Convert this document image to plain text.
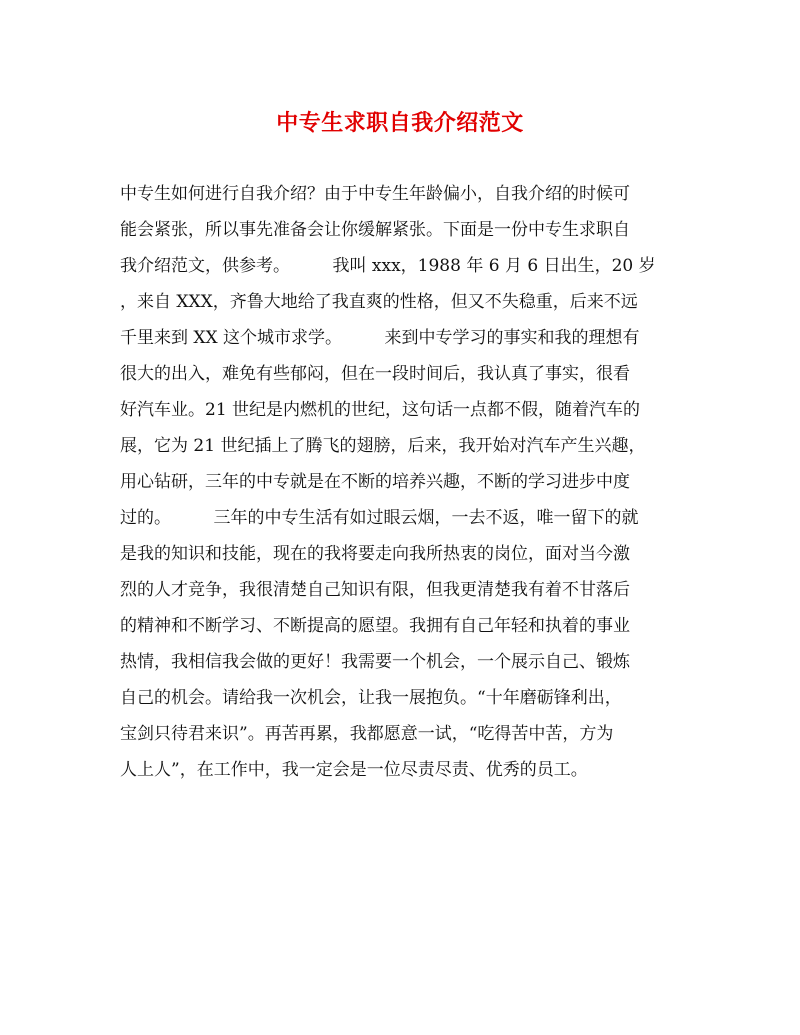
中专生求职自我介绍范文
中专生如何进行自我介绍？由于中专生年龄偏小，自我介绍的时候可
能会紧张，所以事先准备会让你缓解紧张。下面是一份中专生求职自
我介绍范文，供参考。　　　我叫 xxx，1988 年 6 月 6 日出生，20 岁
，来自 XXX，齐鲁大地给了我直爽的性格，但又不失稳重，后来不远
千里来到 XX 这个城市求学。　　　来到中专学习的事实和我的理想有
很大的出入，难免有些郁闷，但在一段时间后，我认真了事实，很看
好汽车业。21 世纪是内燃机的世纪，这句话一点都不假，随着汽车的
展，它为 21 世纪插上了腾飞的翅膀，后来，我开始对汽车产生兴趣，
用心钻研，三年的中专就是在不断的培养兴趣，不断的学习进步中度
过的。　　　三年的中专生活有如过眼云烟，一去不返，唯一留下的就
是我的知识和技能，现在的我将要走向我所热衷的岗位，面对当今激
烈的人才竞争，我很清楚自己知识有限，但我更清楚我有着不甘落后
的精神和不断学习、不断提高的愿望。我拥有自己年轻和执着的事业
热情，我相信我会做的更好！我需要一个机会，一个展示自己、锻炼
自己的机会。请给我一次机会，让我一展抱负。“十年磨砺锋利出，
宝剑只待君来识”。再苦再累，我都愿意一试，“吃得苦中苦，方为
人上人”，在工作中，我一定会是一位尽责尽责、优秀的员工。
